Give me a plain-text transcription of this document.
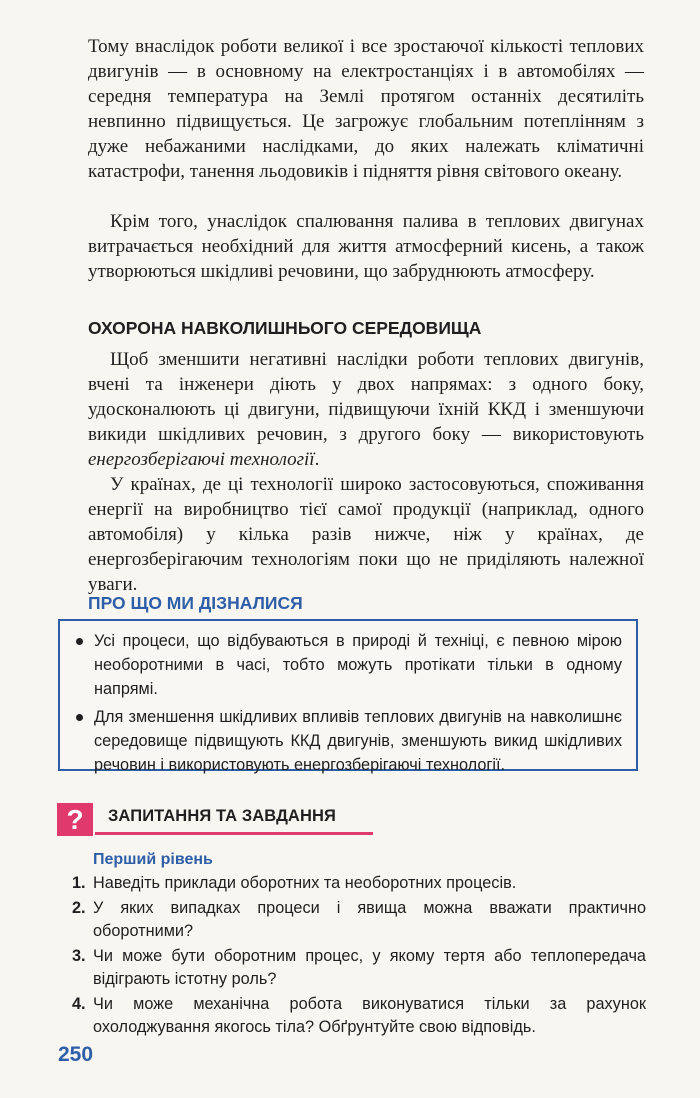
Тому внаслідок роботи великої і все зростаючої кількості теплових двигунів — в основному на електростанціях і в автомобілях — середня температура на Землі протягом останніх десятиліть невпинно підвищується. Це загрожує глобальним потеплінням з дуже небажаними наслідками, до яких належать кліматичні катастрофи, танення льодовиків і підняття рівня світового океану.

Крім того, унаслідок спалювання палива в теплових двигунах витрачається необхідний для життя атмосферний кисень, а також утворюються шкідливі речовини, що забруднюють атмосферу.

ОХОРОНА НАВКОЛИШНЬОГО СЕРЕДОВИЩА

Щоб зменшити негативні наслідки роботи теплових двигунів, вчені та інженери діють у двох напрямах: з одного боку, удосконалюють ці двигуни, підвищуючи їхній ККД і зменшуючи викиди шкідливих речовин, з другого боку — використовують енергозберігаючі технології.

У країнах, де ці технології широко застосовуються, споживання енергії на виробництво тієї самої продукції (наприклад, одного автомобіля) у кілька разів нижче, ніж у країнах, де енергозберігаючим технологіям поки що не приділяють належної уваги.

ПРО ЩО МИ ДІЗНАЛИСЯ
Усі процеси, що відбуваються в природі й техніці, є певною мірою необоротними в часі, тобто можуть протікати тільки в одному напрямі.
Для зменшення шкідливих впливів теплових двигунів на навколишнє середовище підвищують ККД двигунів, зменшують викид шкідливих речовин і використовують енергозберігаючі технології.
?	ЗАПИТАННЯ ТА ЗАВДАННЯ
Перший рівень
1. Наведіть приклади оборотних та необоротних процесів.
2. У яких випадках процеси і явища можна вважати практично оборотними?
3. Чи може бути оборотним процес, у якому тертя або теплопередача відіграють істотну роль?
4. Чи може механічна робота виконуватися тільки за рахунок охолоджування якогось тіла? Обґрунтуйте свою відповідь.
250
